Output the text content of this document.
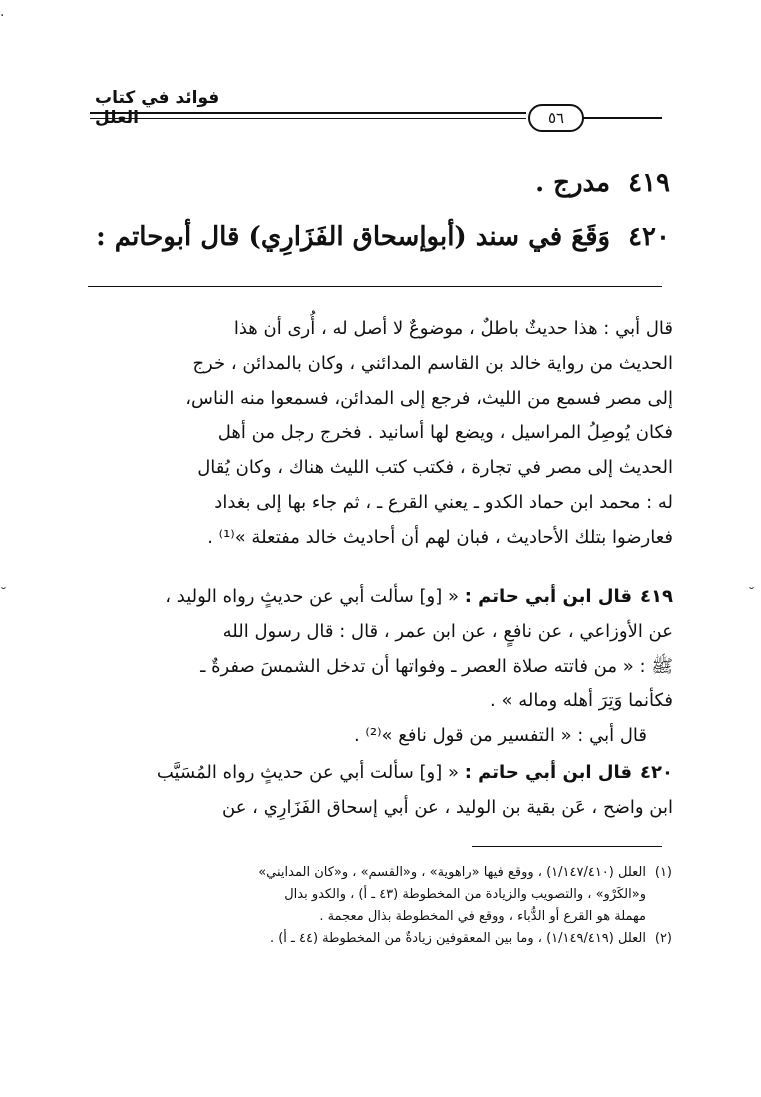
·
˘	˘
فوائد في كتاب العلل	٥٦
٤١٩مدرج .
٤٢٠وَقَعَ في سند (أبوإسحاق الفَزَارِي) قال أبوحاتم :
قال أبي : هذا حديثٌ باطلٌ ، موضوعٌ لا أصل له ، أُرى أن هذا
الحديث من رواية خالد بن القاسم المدائني ، وكان بالمدائن ، خرج
إلى مصر فسمع من الليث، فرجع إلى المدائن، فسمعوا منه الناس،
فكان يُوصِلُ المراسيل ، ويضع لها أسانيد . فخرج رجل من أهل
الحديث إلى مصر في تجارة ، فكتب كتب الليث هناك ، وكان يُقال
له : محمد ابن حماد الكدو ـ يعني القرع ـ ، ثم جاء بها إلى بغداد
فعارضوا بتلك الأحاديث ، فبان لهم أن أحاديث خالد مفتعلة »⁽¹⁾ .
٤١٩قال ابن أبي حاتم : « [و] سألت أبي عن حديثٍ رواه الوليد ،
عن الأوزاعي ، عن نافعٍ ، عن ابن عمر ، قال : قال رسول الله
ﷺ : « من فاتته صلاة العصر ـ وفواتها أن تدخل الشمسَ صفرةٌ ـ
فكأنما وَتِرَ أهله وماله » .
قال أبي : « التفسير من قول نافع »⁽²⁾ .
٤٢٠قال ابن أبي حاتم : « [و] سألت أبي عن حديثٍ رواه المُسَيَّب
ابن واضح ، عَن بقية بن الوليد ، عن أبي إسحاق الفَزَارِي ، عن
(١)العلل (١/١٤٧/٤١٠) ، ووقع فيها «راهوية» ، و«القسم» ، و«كان المدايني»
و«الكَرْو» ، والتصويب والزيادة من المخطوطة (٤٣ ـ أ) ، والكدو بدال
مهملة هو القرع أو الدُّباء ، ووقع في المخطوطة بذال معجمة .
(٢)العلل (١/١٤٩/٤١٩) ، وما بين المعقوفين زيادةٌ من المخطوطة (٤٤ ـ أ) .
